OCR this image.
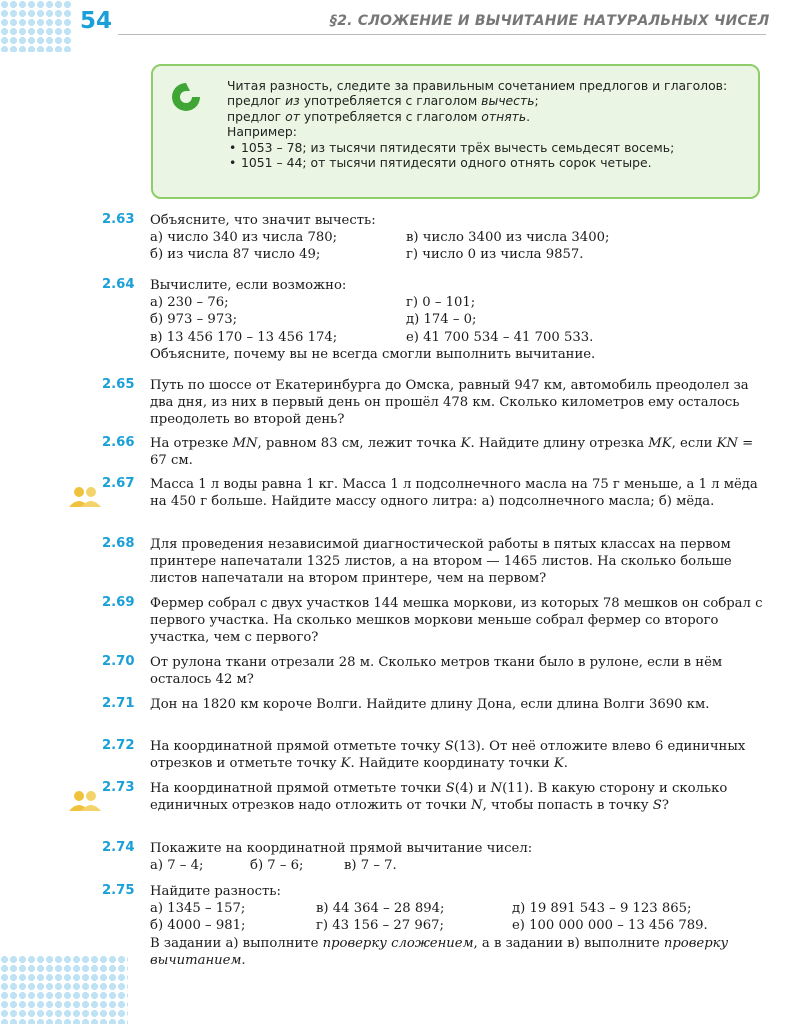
54	§2. СЛОЖЕНИЕ И ВЫЧИТАНИЕ НАТУРАЛЬНЫХ ЧИСЕЛ
Читая разность, следите за правильным сочетанием предлогов и глаголов:
предлог из употребляется с глаголом вычесть;
предлог от употребляется с глаголом отнять.
Например:
• 1053 – 78; из тысячи пятидесяти трёх вычесть семьдесят восемь;
• 1051 – 44; от тысячи пятидесяти одного отнять сорок четыре.
2.63	Объясните, что значит вычесть:
а) число 340 из числа 780;	в) число 3400 из числа 3400;
б) из числа 87 число 49;	г) число 0 из числа 9857.
2.64	Вычислите, если возможно:
а) 230 – 76;	г) 0 – 101;
б) 973 – 973;	д) 174 – 0;
в) 13 456 170 – 13 456 174;	е) 41 700 534 – 41 700 533.
Объясните, почему вы не всегда смогли выполнить вычитание.
2.65	Путь по шоссе от Екатеринбурга до Омска, равный 947 км, автомобиль преодолел за два дня, из них в первый день он прошёл 478 км. Сколько километров ему осталось преодолеть во второй день?
2.66	На отрезке MN, равном 83 см, лежит точка K. Найдите длину отрезка MK, если KN = 67 см.
2.67	Масса 1 л воды равна 1 кг. Масса 1 л подсолнечного масла на 75 г меньше, а 1 л мёда на 450 г больше. Найдите массу одного литра: а) подсолнечного масла; б) мёда.
2.68	Для проведения независимой диагностической работы в пятых классах на первом принтере напечатали 1325 листов, а на втором — 1465 листов. На сколько больше листов напечатали на втором принтере, чем на первом?
2.69	Фермер собрал с двух участков 144 мешка моркови, из которых 78 мешков он собрал с первого участка. На сколько мешков моркови меньше собрал фермер со второго участка, чем с первого?
2.70	От рулона ткани отрезали 28 м. Сколько метров ткани было в рулоне, если в нём осталось 42 м?
2.71	Дон на 1820 км короче Волги. Найдите длину Дона, если длина Волги 3690 км.
2.72	На координатной прямой отметьте точку S(13). От неё отложите влево 6 единичных отрезков и отметьте точку K. Найдите координату точки K.
2.73	На координатной прямой отметьте точки S(4) и N(11). В какую сторону и сколько единичных отрезков надо отложить от точки N, чтобы попасть в точку S?
2.74	Покажите на координатной прямой вычитание чисел:
а) 7 – 4;	б) 7 – 6;	в) 7 – 7.
2.75	Найдите разность:
а) 1345 – 157;	в) 44 364 – 28 894;	д) 19 891 543 – 9 123 865;
б) 4000 – 981;	г) 43 156 – 27 967;	е) 100 000 000 – 13 456 789.
В задании а) выполните проверку сложением, а в задании в) выполните проверку вычитанием.
